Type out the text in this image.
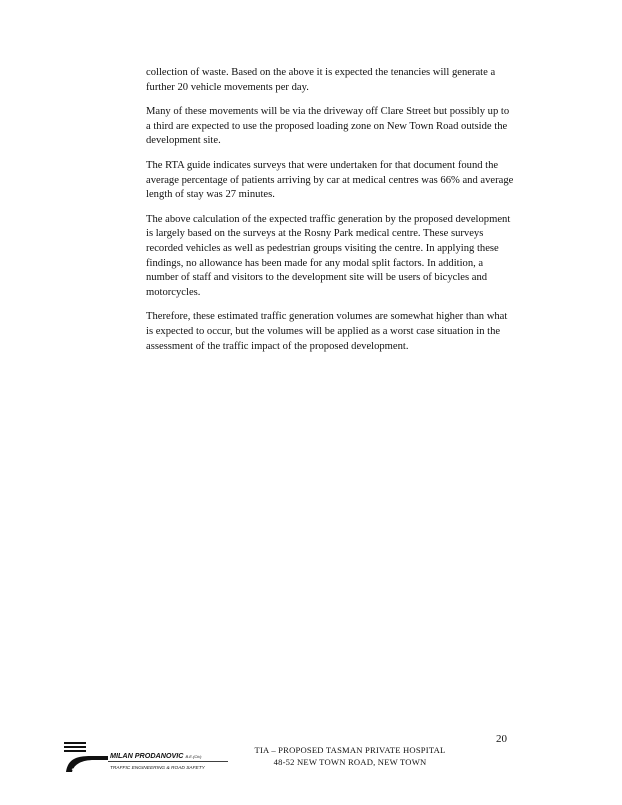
collection of waste. Based on the above it is expected the tenancies will generate a further 20 vehicle movements per day.

Many of these movements will be via the driveway off Clare Street but possibly up to a third are expected to use the proposed loading zone on New Town Road outside the development site.

The RTA guide indicates surveys that were undertaken for that document found the average percentage of patients arriving by car at medical centres was 66% and average length of stay was 27 minutes.

The above calculation of the expected traffic generation by the proposed development is largely based on the surveys at the Rosny Park medical centre. These surveys recorded vehicles as well as pedestrian groups visiting the centre. In applying these findings, no allowance has been made for any modal split factors. In addition, a number of staff and visitors to the development site will be users of bicycles and motorcycles.

Therefore, these estimated traffic generation volumes are somewhat higher than what is expected to occur, but the volumes will be applied as a worst case situation in the assessment of the traffic impact of the proposed development.

20
MILAN PRODANOVIC B.E.(Civ)
TRAFFIC ENGINEERING & ROAD SAFETY
TIA – PROPOSED TASMAN PRIVATE HOSPITAL
48-52 NEW TOWN ROAD, NEW TOWN
